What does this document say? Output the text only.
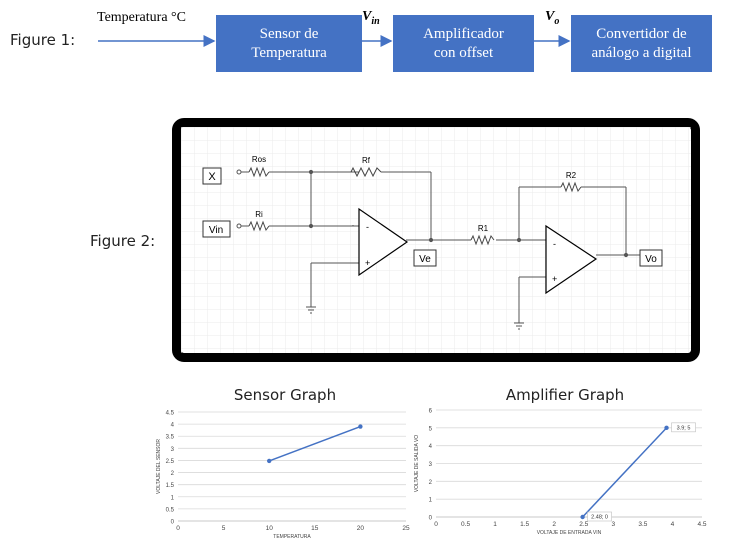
Figure 1:
Temperatura °C	$V_{in}$	$V_o$
Sensor de
Temperatura
Amplificador
con offset
Convertidor de
análogo a digital
Figure 2:
X
Vin
Ros	Rf
Ri
R1
R2
-
+
-
+
Ve	Vo
Sensor Graph	Amplifier Graph
0
0.5
1
1.5
2
2.5
3
3.5
4
4.5
0	5	10	15	20	25
TEMPERATURA
VOLTAJE DEL SENSOR
0
1
2
3
4
5
6
0	0.5	1	1.5	2	2.5	3	3.5	4	4.5
VOLTAJE DE ENTRADA VIN
VOLTAJE DE SALIDA VO
2.48; 0
3.9; 5
